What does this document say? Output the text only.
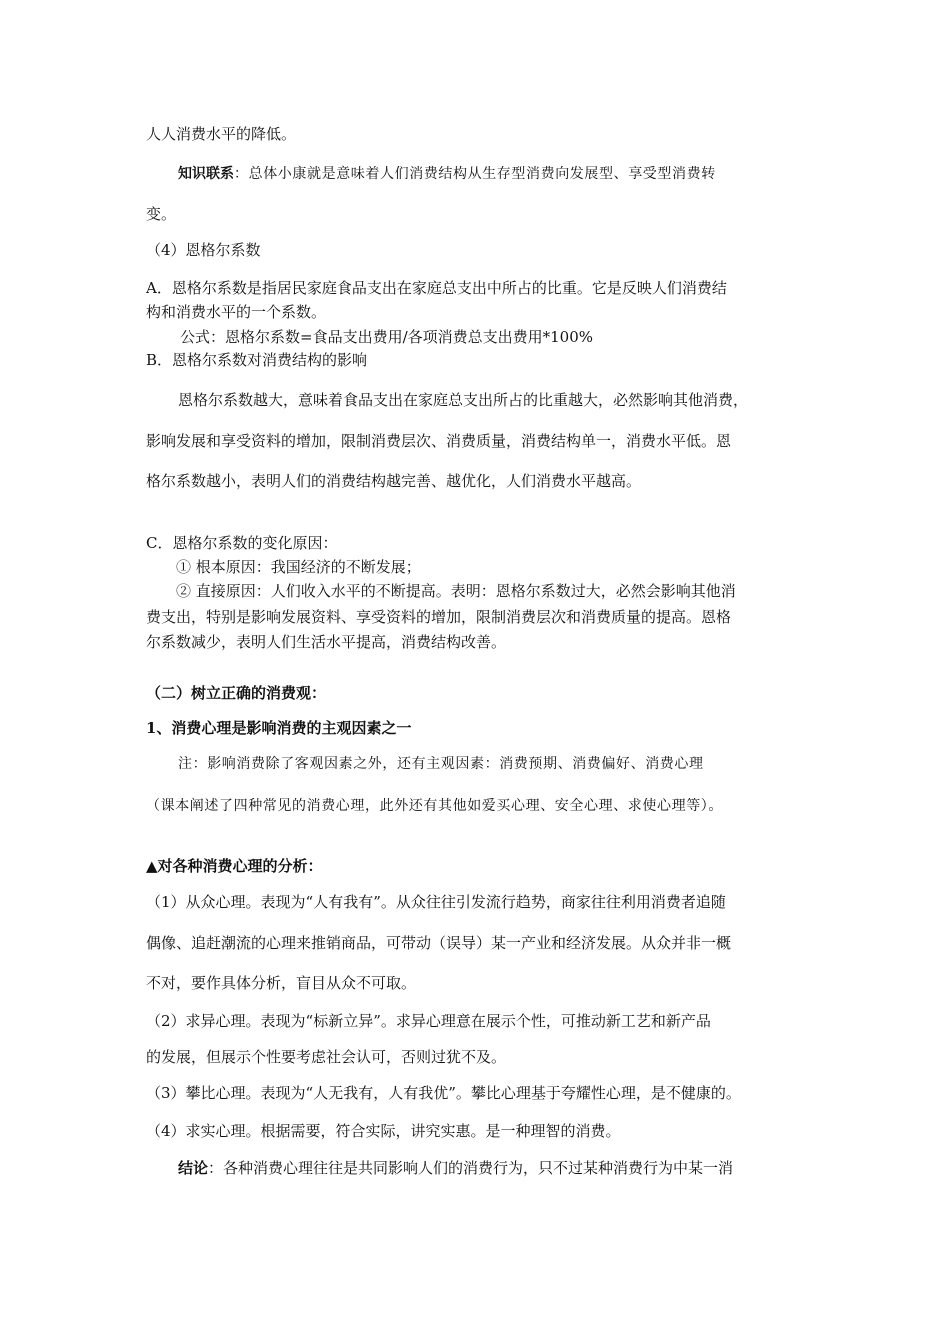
人人消费水平的降低。
知识联系：总体小康就是意味着人们消费结构从生存型消费向发展型、享受型消费转
变。
（4）恩格尔系数
A．恩格尔系数是指居民家庭食品支出在家庭总支出中所占的比重。它是反映人们消费结
构和消费水平的一个系数。
公式：恩格尔系数=食品支出费用/各项消费总支出费用*100%
B．恩格尔系数对消费结构的影响
恩格尔系数越大，意味着食品支出在家庭总支出所占的比重越大，必然影响其他消费，
影响发展和享受资料的增加，限制消费层次、消费质量，消费结构单一，消费水平低。恩
格尔系数越小，表明人们的消费结构越完善、越优化，人们消费水平越高。
C．恩格尔系数的变化原因：
① 根本原因：我国经济的不断发展；
② 直接原因：人们收入水平的不断提高。表明：恩格尔系数过大，必然会影响其他消
费支出，特别是影响发展资料、享受资料的增加，限制消费层次和消费质量的提高。恩格
尔系数减少，表明人们生活水平提高，消费结构改善。
（二）树立正确的消费观：
1、消费心理是影响消费的主观因素之一
注：影响消费除了客观因素之外，还有主观因素：消费预期、消费偏好、消费心理
（课本阐述了四种常见的消费心理，此外还有其他如爱买心理、安全心理、求使心理等）。
▲对各种消费心理的分析：
（1）从众心理。表现为“人有我有”。从众往往引发流行趋势，商家往往利用消费者追随
偶像、追赶潮流的心理来推销商品，可带动（误导）某一产业和经济发展。从众并非一概
不对，要作具体分析，盲目从众不可取。
（2）求异心理。表现为“标新立异”。求异心理意在展示个性，可推动新工艺和新产品
的发展，但展示个性要考虑社会认可，否则过犹不及。
（3）攀比心理。表现为“人无我有，人有我优”。攀比心理基于夸耀性心理，是不健康的。
（4）求实心理。根据需要，符合实际，讲究实惠。是一种理智的消费。
结论：各种消费心理往往是共同影响人们的消费行为，只不过某种消费行为中某一消
